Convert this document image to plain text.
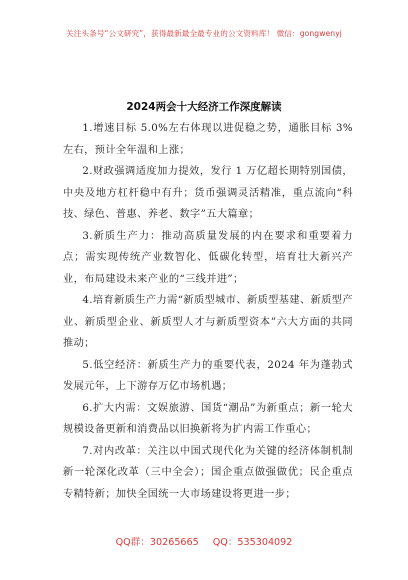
关注头条号“公文研究”，获得最新最全最专业的公文资料库！ 微信：gongwenyj
2024两会十大经济工作深度解读

1.增速目标 5.0%左右体现以进促稳之势，通胀目标 3%左右，预计全年温和上涨；

2.财政强调适度加力提效，发行 1 万亿超长期特别国债，中央及地方杠杆稳中有升；货币强调灵活精准，重点流向“科技、绿色、普惠、养老、数字”五大篇章；

3.新质生产力：推动高质量发展的内在要求和重要着力点；需实现传统产业数智化、低碳化转型，培育壮大新兴产业，布局建设未来产业的“三线并进”；

4.培育新质生产力需“新质型城市、新质型基建、新质型产业、新质型企业、新质型人才与新质型资本”六大方面的共同推动；

5.低空经济：新质生产力的重要代表，2024 年为蓬勃式发展元年，上下游存万亿市场机遇；

6.扩大内需：文娱旅游、国货“潮品”为新重点；新一轮大规模设备更新和消费品以旧换新将为扩内需工作重心；

7.对内改革：关注以中国式现代化为关键的经济体制机制新一轮深化改革（三中全会）；国企重点做强做优；民企重点专精特新；加快全国统一大市场建设将更进一步；

QQ群：30265665 QQ：535304092
